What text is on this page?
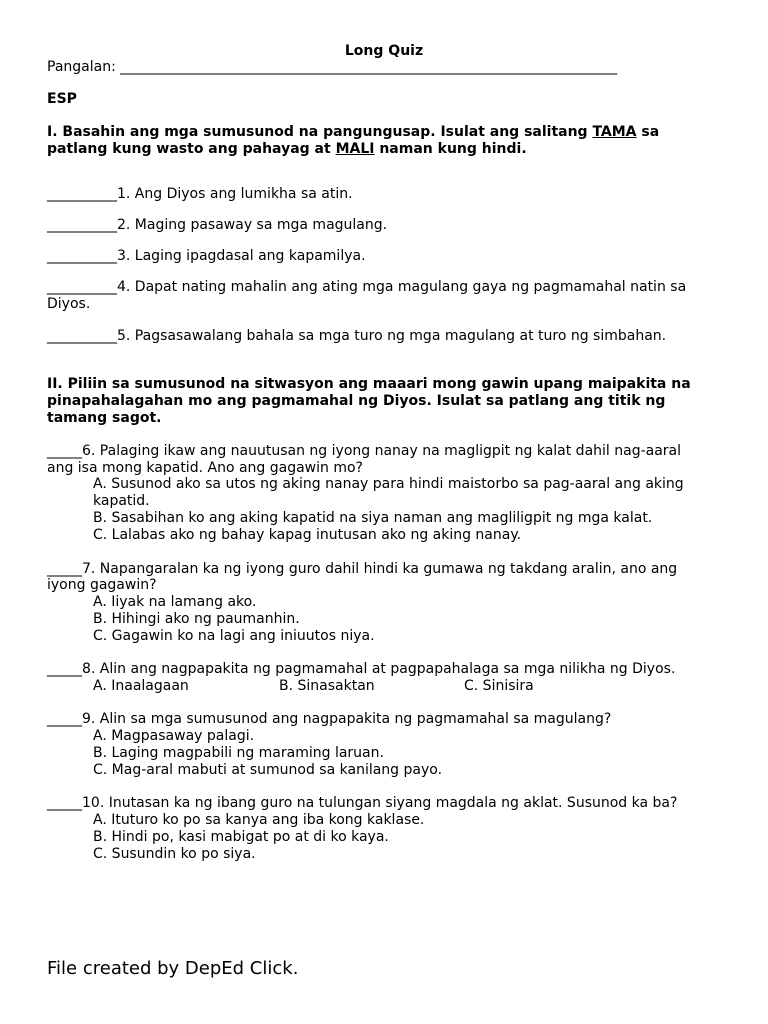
Long Quiz
Pangalan: _______________________________________________________________________
ESP
I. Basahin ang mga sumusunod na pangungusap. Isulat ang salitang TAMA sa
patlang kung wasto ang pahayag at MALI naman kung hindi.
__________1. Ang Diyos ang lumikha sa atin.
__________2. Maging pasaway sa mga magulang.
__________3. Laging ipagdasal ang kapamilya.
__________4. Dapat nating mahalin ang ating mga magulang gaya ng pagmamahal natin sa
Diyos.
__________5. Pagsasawalang bahala sa mga turo ng mga magulang at turo ng simbahan.
II. Piliin sa sumusunod na sitwasyon ang maaari mong gawin upang maipakita na
pinapahalagahan mo ang pagmamahal ng Diyos. Isulat sa patlang ang titik ng
tamang sagot.
_____6. Palaging ikaw ang nauutusan ng iyong nanay na magligpit ng kalat dahil nag-aaral
ang isa mong kapatid. Ano ang gagawin mo?
A. Susunod ako sa utos ng aking nanay para hindi maistorbo sa pag-aaral ang aking
kapatid.
B. Sasabihan ko ang aking kapatid na siya naman ang magliligpit ng mga kalat.
C. Lalabas ako ng bahay kapag inutusan ako ng aking nanay.
_____7. Napangaralan ka ng iyong guro dahil hindi ka gumawa ng takdang aralin, ano ang
iyong gagawin?
A. Iiyak na lamang ako.
B. Hihingi ako ng paumanhin.
C. Gagawin ko na lagi ang iniuutos niya.
_____8. Alin ang nagpapakita ng pagmamahal at pagpapahalaga sa mga nilikha ng Diyos.
A. Inaalagaan	B. Sinasaktan	C. Sinisira
_____9. Alin sa mga sumusunod ang nagpapakita ng pagmamahal sa magulang?
A. Magpasaway palagi.
B. Laging magpabili ng maraming laruan.
C. Mag-aral mabuti at sumunod sa kanilang payo.
_____10. Inutasan ka ng ibang guro na tulungan siyang magdala ng aklat. Susunod ka ba?
A. Ituturo ko po sa kanya ang iba kong kaklase.
B. Hindi po, kasi mabigat po at di ko kaya.
C. Susundin ko po siya.
File created by DepEd Click.
